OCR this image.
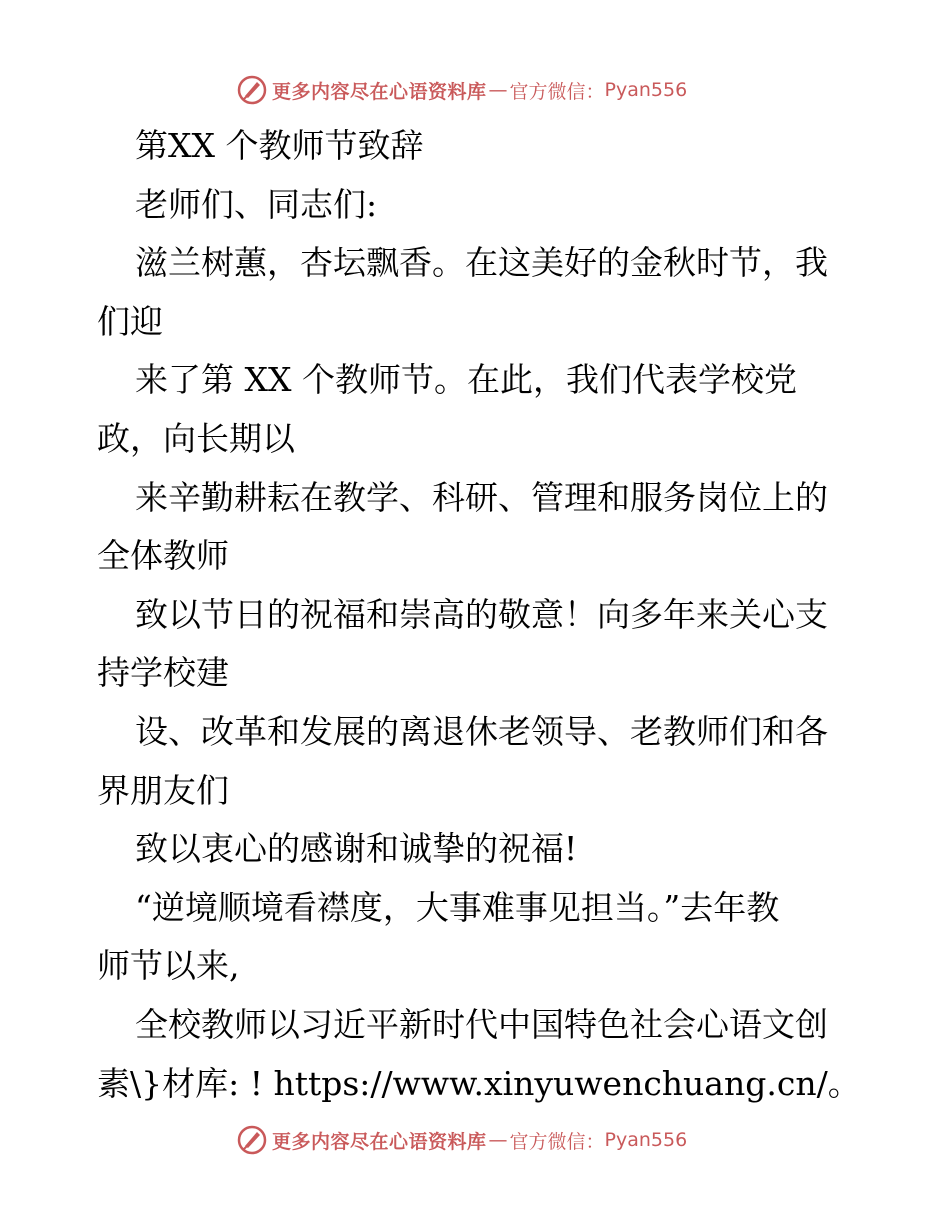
更多内容尽在心语资料库 — 官方微信： Pyan556
第XX 个教师节致辞
老师们、同志们:
滋兰树蕙，杏坛飘香。在这美好的金秋时节，我
们迎
来了第 XX 个教师节。在此，我们代表学校党
政，向长期以
来辛勤耕耘在教学、科研、管理和服务岗位上的
全体教师
致以节日的祝福和崇高的敬意！向多年来关心支
持学校建
设、改革和发展的离退休老领导、老教师们和各
界朋友们
致以衷心的感谢和诚挚的祝福!
“逆境顺境看襟度，大事难事见担当。”去年教
师节以来,
全校教师以习近平新时代中国特色社会心语文创
素\}材库: ! https://www.xinyuwenchuang.cn/。
更多内容尽在心语资料库 — 官方微信： Pyan556
